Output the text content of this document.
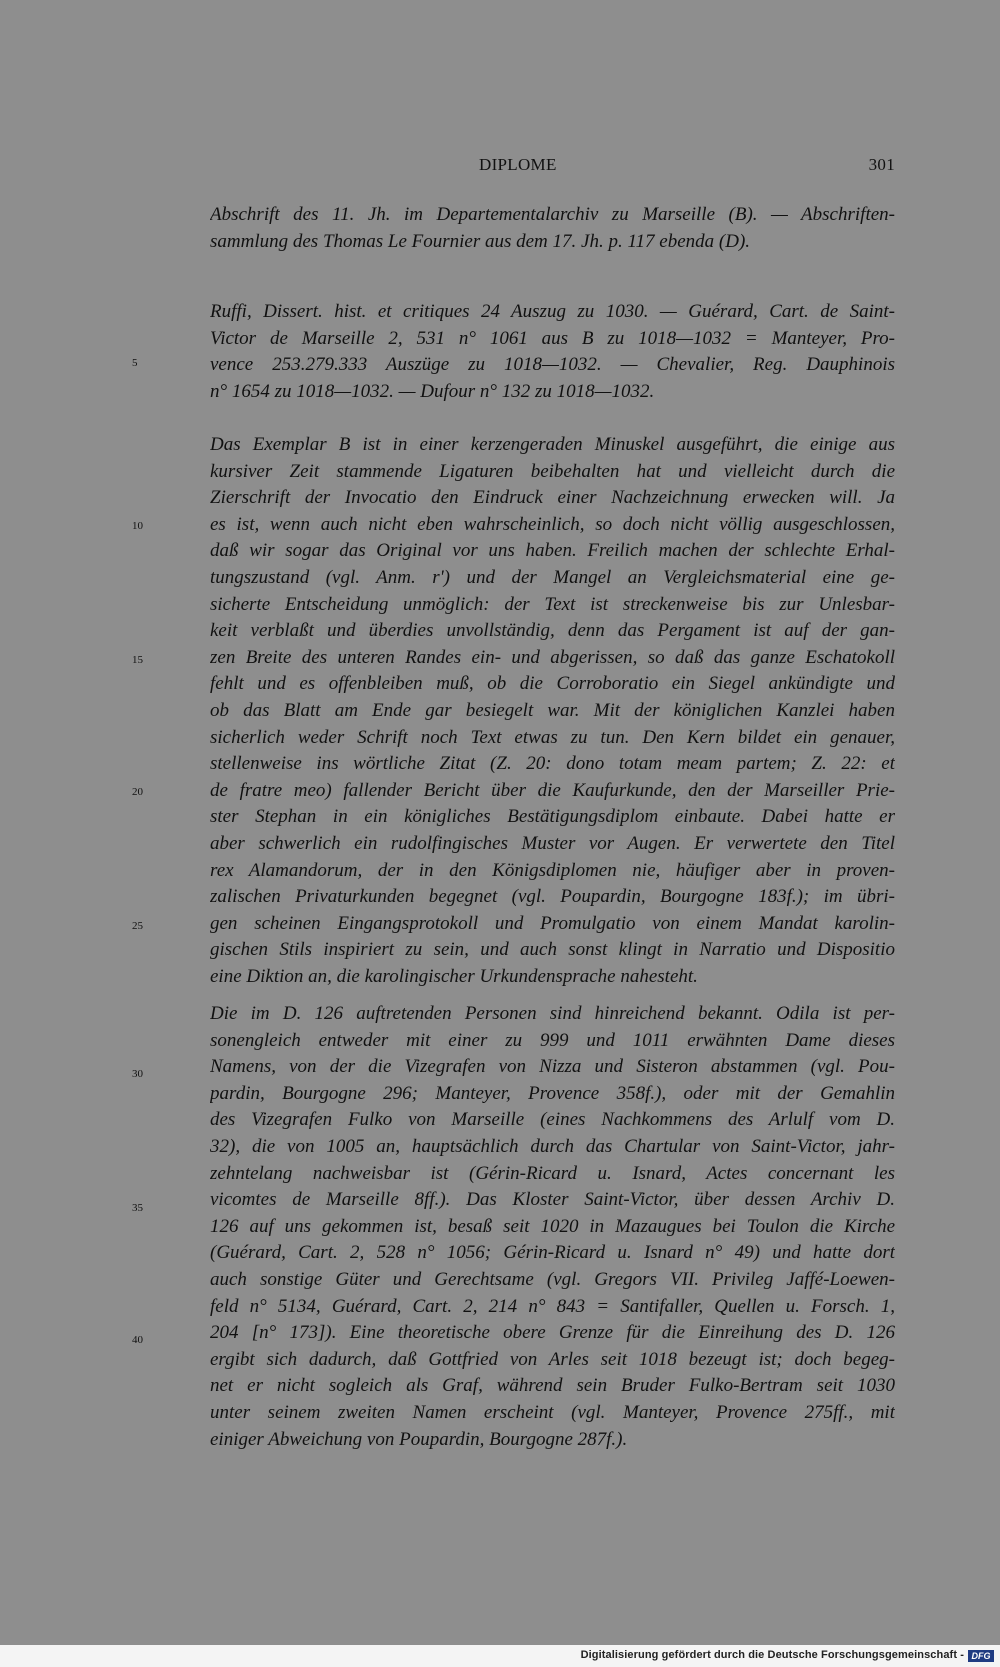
DIPLOME	301
Abschrift des 11. Jh. im Departementalarchiv zu Marseille (B). — Abschriften-
sammlung des Thomas Le Fournier aus dem 17. Jh. p. 117 ebenda (D).
Ruffi, Dissert. hist. et critiques 24 Auszug zu 1030. — Guérard, Cart. de Saint-
Victor de Marseille 2, 531 n° 1061 aus B zu 1018—1032 = Manteyer, Pro-
vence 253.279.333 Auszüge zu 1018—1032. — Chevalier, Reg. Dauphinois
n° 1654 zu 1018—1032. — Dufour n° 132 zu 1018—1032.
Das Exemplar B ist in einer kerzengeraden Minuskel ausgeführt, die einige aus
kursiver Zeit stammende Ligaturen beibehalten hat und vielleicht durch die
Zierschrift der Invocatio den Eindruck einer Nachzeichnung erwecken will. Ja
es ist, wenn auch nicht eben wahrscheinlich, so doch nicht völlig ausgeschlossen,
daß wir sogar das Original vor uns haben. Freilich machen der schlechte Erhal-
tungszustand (vgl. Anm. r') und der Mangel an Vergleichsmaterial eine ge-
sicherte Entscheidung unmöglich: der Text ist streckenweise bis zur Unlesbar-
keit verblaßt und überdies unvollständig, denn das Pergament ist auf der gan-
zen Breite des unteren Randes ein- und abgerissen, so daß das ganze Eschatokoll
fehlt und es offenbleiben muß, ob die Corroboratio ein Siegel ankündigte und
ob das Blatt am Ende gar besiegelt war. Mit der königlichen Kanzlei haben
sicherlich weder Schrift noch Text etwas zu tun. Den Kern bildet ein genauer,
stellenweise ins wörtliche Zitat (Z. 20: dono totam meam partem; Z. 22: et
de fratre meo) fallender Bericht über die Kaufurkunde, den der Marseiller Prie-
ster Stephan in ein königliches Bestätigungsdiplom einbaute. Dabei hatte er
aber schwerlich ein rudolfingisches Muster vor Augen. Er verwertete den Titel
rex Alamandorum, der in den Königsdiplomen nie, häufiger aber in proven-
zalischen Privaturkunden begegnet (vgl. Poupardin, Bourgogne 183f.); im übri-
gen scheinen Eingangsprotokoll und Promulgatio von einem Mandat karolin-
gischen Stils inspiriert zu sein, und auch sonst klingt in Narratio und Dispositio
eine Diktion an, die karolingischer Urkundensprache nahesteht.
Die im D. 126 auftretenden Personen sind hinreichend bekannt. Odila ist per-
sonengleich entweder mit einer zu 999 und 1011 erwähnten Dame dieses
Namens, von der die Vizegrafen von Nizza und Sisteron abstammen (vgl. Pou-
pardin, Bourgogne 296; Manteyer, Provence 358f.), oder mit der Gemahlin
des Vizegrafen Fulko von Marseille (eines Nachkommens des Arlulf vom D.
32), die von 1005 an, hauptsächlich durch das Chartular von Saint-Victor, jahr-
zehntelang nachweisbar ist (Gérin-Ricard u. Isnard, Actes concernant les
vicomtes de Marseille 8ff.). Das Kloster Saint-Victor, über dessen Archiv D.
126 auf uns gekommen ist, besaß seit 1020 in Mazaugues bei Toulon die Kirche
(Guérard, Cart. 2, 528 n° 1056; Gérin-Ricard u. Isnard n° 49) und hatte dort
auch sonstige Güter und Gerechtsame (vgl. Gregors VII. Privileg Jaffé-Loewen-
feld n° 5134, Guérard, Cart. 2, 214 n° 843 = Santifaller, Quellen u. Forsch. 1,
204 [n° 173]). Eine theoretische obere Grenze für die Einreihung des D. 126
ergibt sich dadurch, daß Gottfried von Arles seit 1018 bezeugt ist; doch begeg-
net er nicht sogleich als Graf, während sein Bruder Fulko-Bertram seit 1030
unter seinem zweiten Namen erscheint (vgl. Manteyer, Provence 275ff., mit
einiger Abweichung von Poupardin, Bourgogne 287f.).
5
10
15
20
25
30
35
40
Digitalisierung gefördert durch die Deutsche Forschungsgemeinschaft - DFG
